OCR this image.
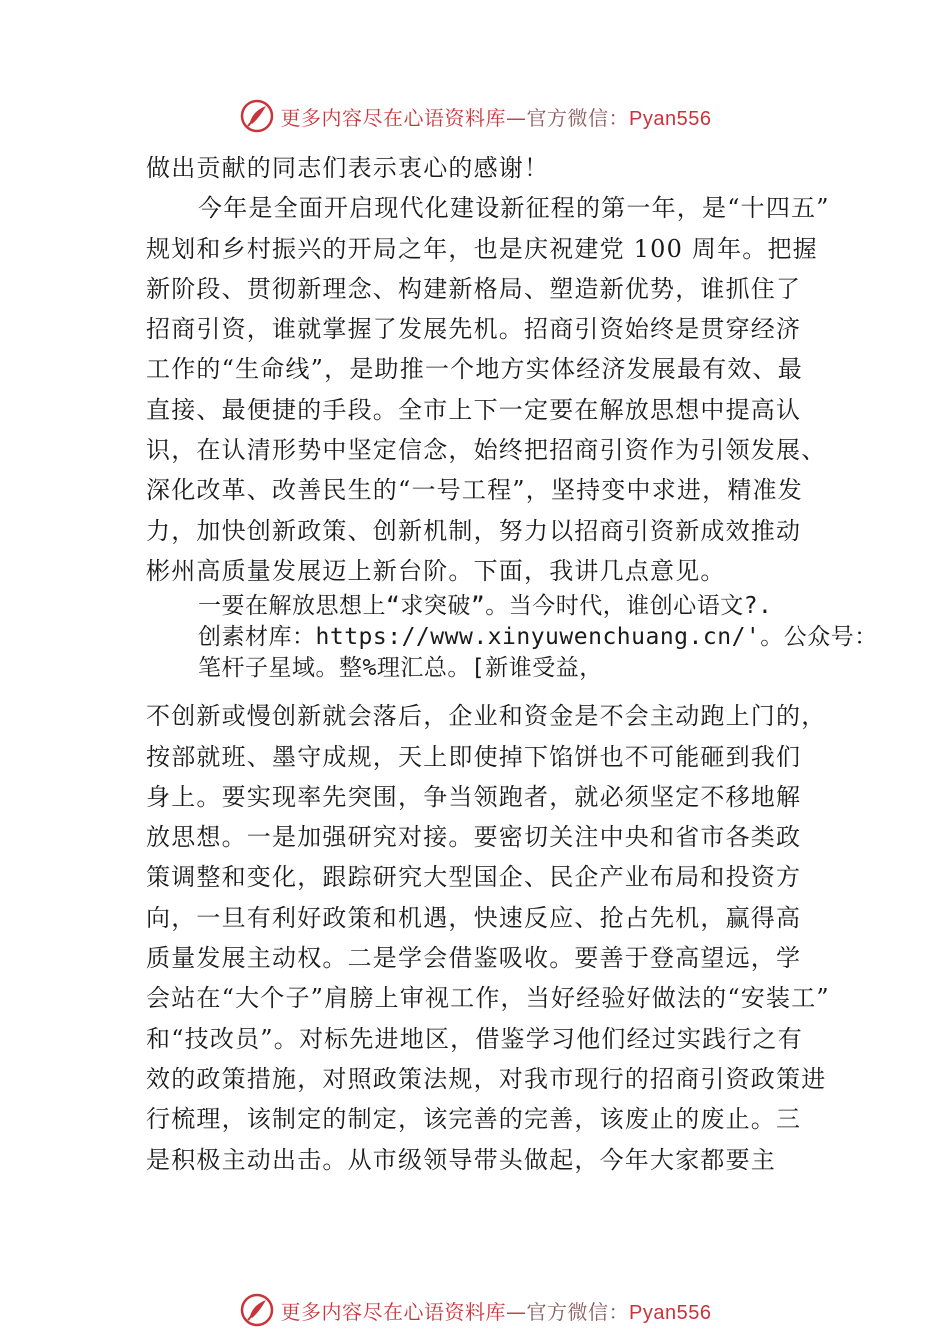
更多内容尽在心语资料库—官方微信：Pyan556
做出贡献的同志们表示衷心的感谢！
今年是全面开启现代化建设新征程的第一年，是“十四五”
规划和乡村振兴的开局之年，也是庆祝建党 100 周年。把握
新阶段、贯彻新理念、构建新格局、塑造新优势，谁抓住了
招商引资，谁就掌握了发展先机。招商引资始终是贯穿经济
工作的“生命线”，是助推一个地方实体经济发展最有效、最
直接、最便捷的手段。全市上下一定要在解放思想中提高认
识，在认清形势中坚定信念，始终把招商引资作为引领发展、
深化改革、改善民生的“一号工程”，坚持变中求进，精准发
力，加快创新政策、创新机制，努力以招商引资新成效推动
彬州高质量发展迈上新台阶。下面，我讲几点意见。
一要在解放思想上“求突破”。当今时代，谁创心语文?.
创素材库：https://www.xinyuwenchuang.cn/'。公众号：
笔杆子星域。整%理汇总。[新谁受益，
不创新或慢创新就会落后，企业和资金是不会主动跑上门的，
按部就班、墨守成规，天上即使掉下馅饼也不可能砸到我们
身上。要实现率先突围，争当领跑者，就必须坚定不移地解
放思想。一是加强研究对接。要密切关注中央和省市各类政
策调整和变化，跟踪研究大型国企、民企产业布局和投资方
向，一旦有利好政策和机遇，快速反应、抢占先机，赢得高
质量发展主动权。二是学会借鉴吸收。要善于登高望远，学
会站在“大个子”肩膀上审视工作，当好经验好做法的“安装工”
和“技改员”。对标先进地区，借鉴学习他们经过实践行之有
效的政策措施，对照政策法规，对我市现行的招商引资政策进
行梳理，该制定的制定，该完善的完善，该废止的废止。三
是积极主动出击。从市级领导带头做起，今年大家都要主
更多内容尽在心语资料库—官方微信：Pyan556
